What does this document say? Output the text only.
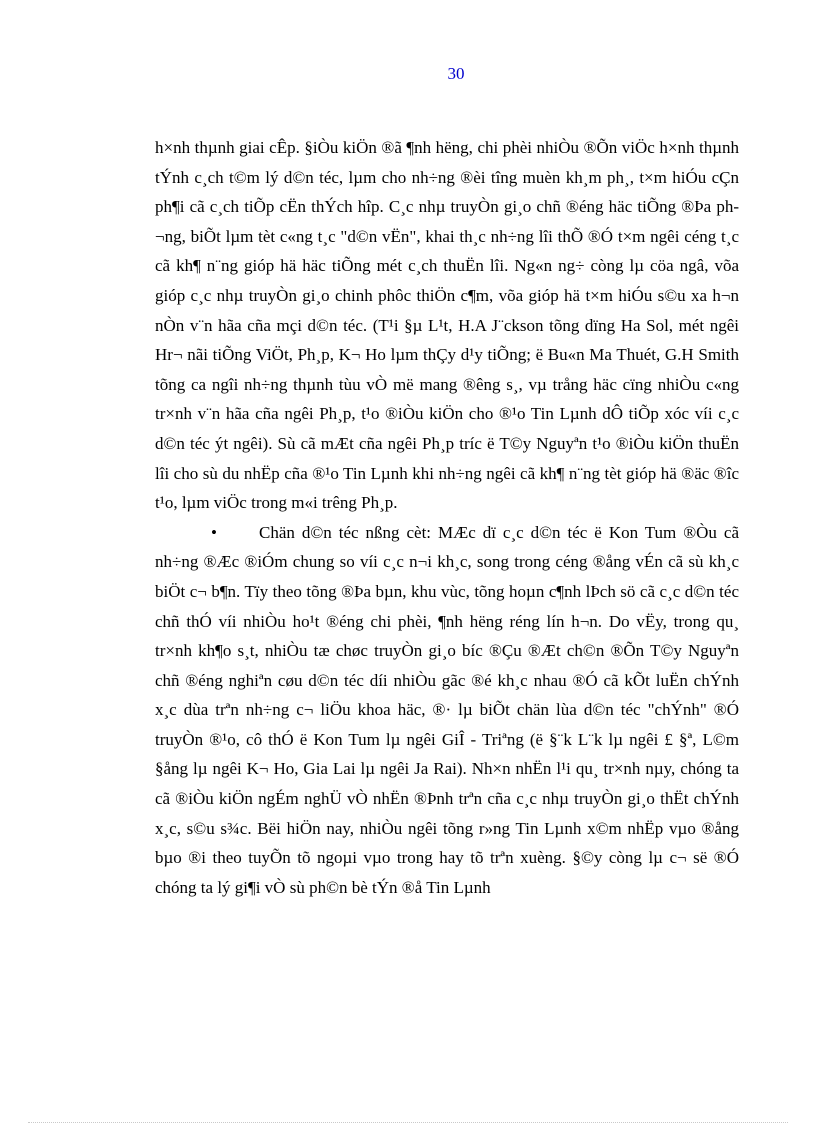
30

h×nh thµnh giai cÊp. §iÒu kiÖn ®ã ¶nh hëng, chi phèi nhiÒu ®Õn viÖc h×nh thµnh tÝnh c¸ch t©m lý d©n téc, lµm cho nh÷ng ®èi tîng muèn kh¸m ph¸, t×m hiÓu cÇn ph¶i cã c¸ch tiÕp cËn thÝch hîp. C¸c nhµ truyÒn gi¸o chñ ®éng häc tiÕng ®Þa ph¬ng, biÕt lµm tèt c«ng t¸c "d©n vËn", khai th¸c nh÷ng lîi thÕ ®Ó t×m ngêi céng t¸c cã kh¶ n¨ng gióp hä häc tiÕng mét c¸ch thuËn lîi. Ng«n ng÷ còng lµ cöa ngâ, võa gióp c¸c nhµ truyÒn gi¸o chinh phôc thiÖn c¶m, võa gióp hä t×m hiÓu s©u xa h¬n nÒn v¨n hãa cña mçi d©n téc. (T¹i §µ L¹t, H.A J¨ckson tõng dïng Ha Sol, mét ngêi Hr¬ nãi tiÕng ViÖt, Ph¸p, K¬ Ho lµm thÇy d¹y tiÕng; ë Bu«n Ma Thuét, G.H Smith tõng ca ngîi nh÷ng thµnh tùu vÒ më mang ®êng s¸, vµ trång häc cïng nhiÒu c«ng tr×nh v¨n hãa cña ngêi Ph¸p, t¹o ®iÒu kiÖn cho ®¹o Tin Lµnh dÔ tiÕp xóc víi c¸c d©n téc ýt ngêi). Sù cã mÆt cña ngêi Ph¸p tríc ë T©y Nguyªn t¹o ®iÒu kiÖn thuËn lîi cho sù du nhËp cña ®¹o Tin Lµnh khi nh÷ng ngêi cã kh¶ n¨ng tèt gióp hä ®äc ®îc t¹o, lµm viÖc trong m«i trêng Ph¸p.

• Chän d©n téc nßng cèt: MÆc dï c¸c d©n téc ë Kon Tum ®Òu cã nh÷ng ®Æc ®iÓm chung so víi c¸c n¬i kh¸c, song trong céng ®ång vÉn cã sù kh¸c biÖt c¬ b¶n. Tïy theo tõng ®Þa bµn, khu vùc, tõng hoµn c¶nh lÞch sö cã c¸c d©n téc chñ thÓ víi nhiÒu ho¹t ®éng chi phèi, ¶nh hëng réng lín h¬n. Do vËy, trong qu¸ tr×nh kh¶o s¸t, nhiÒu tæ chøc truyÒn gi¸o bíc ®Çu ®Æt ch©n ®Õn T©y Nguyªn chñ ®éng nghiªn cøu d©n téc díi nhiÒu gãc ®é kh¸c nhau ®Ó cã kÕt luËn chÝnh x¸c dùa trªn nh÷ng c¬ liÖu khoa häc, ®· lµ biÕt chän lùa d©n téc "chÝnh" ®Ó truyÒn ®¹o, cô thÓ ë Kon Tum lµ ngêi GiÎ - Triªng (ë §¨k L¨k lµ ngêi £ §ª, L©m §ång lµ ngêi K¬ Ho, Gia Lai lµ ngêi Ja Rai). Nh×n nhËn l¹i qu¸ tr×nh nµy, chóng ta cã ®iÒu kiÖn ngÉm nghÜ vÒ nhËn ®Þnh trªn cña c¸c nhµ truyÒn gi¸o thËt chÝnh x¸c, s©u s¾c. Bëi hiÖn nay, nhiÒu ngêi tõng r»ng Tin Lµnh x©m nhËp vµo ®ång bµo ®i theo tuyÕn tõ ngoµi vµo trong hay tõ trªn xuèng. §©y còng lµ c¬ së ®Ó chóng ta lý gi¶i vÒ sù ph©n bè tÝn ®å Tin Lµnh
